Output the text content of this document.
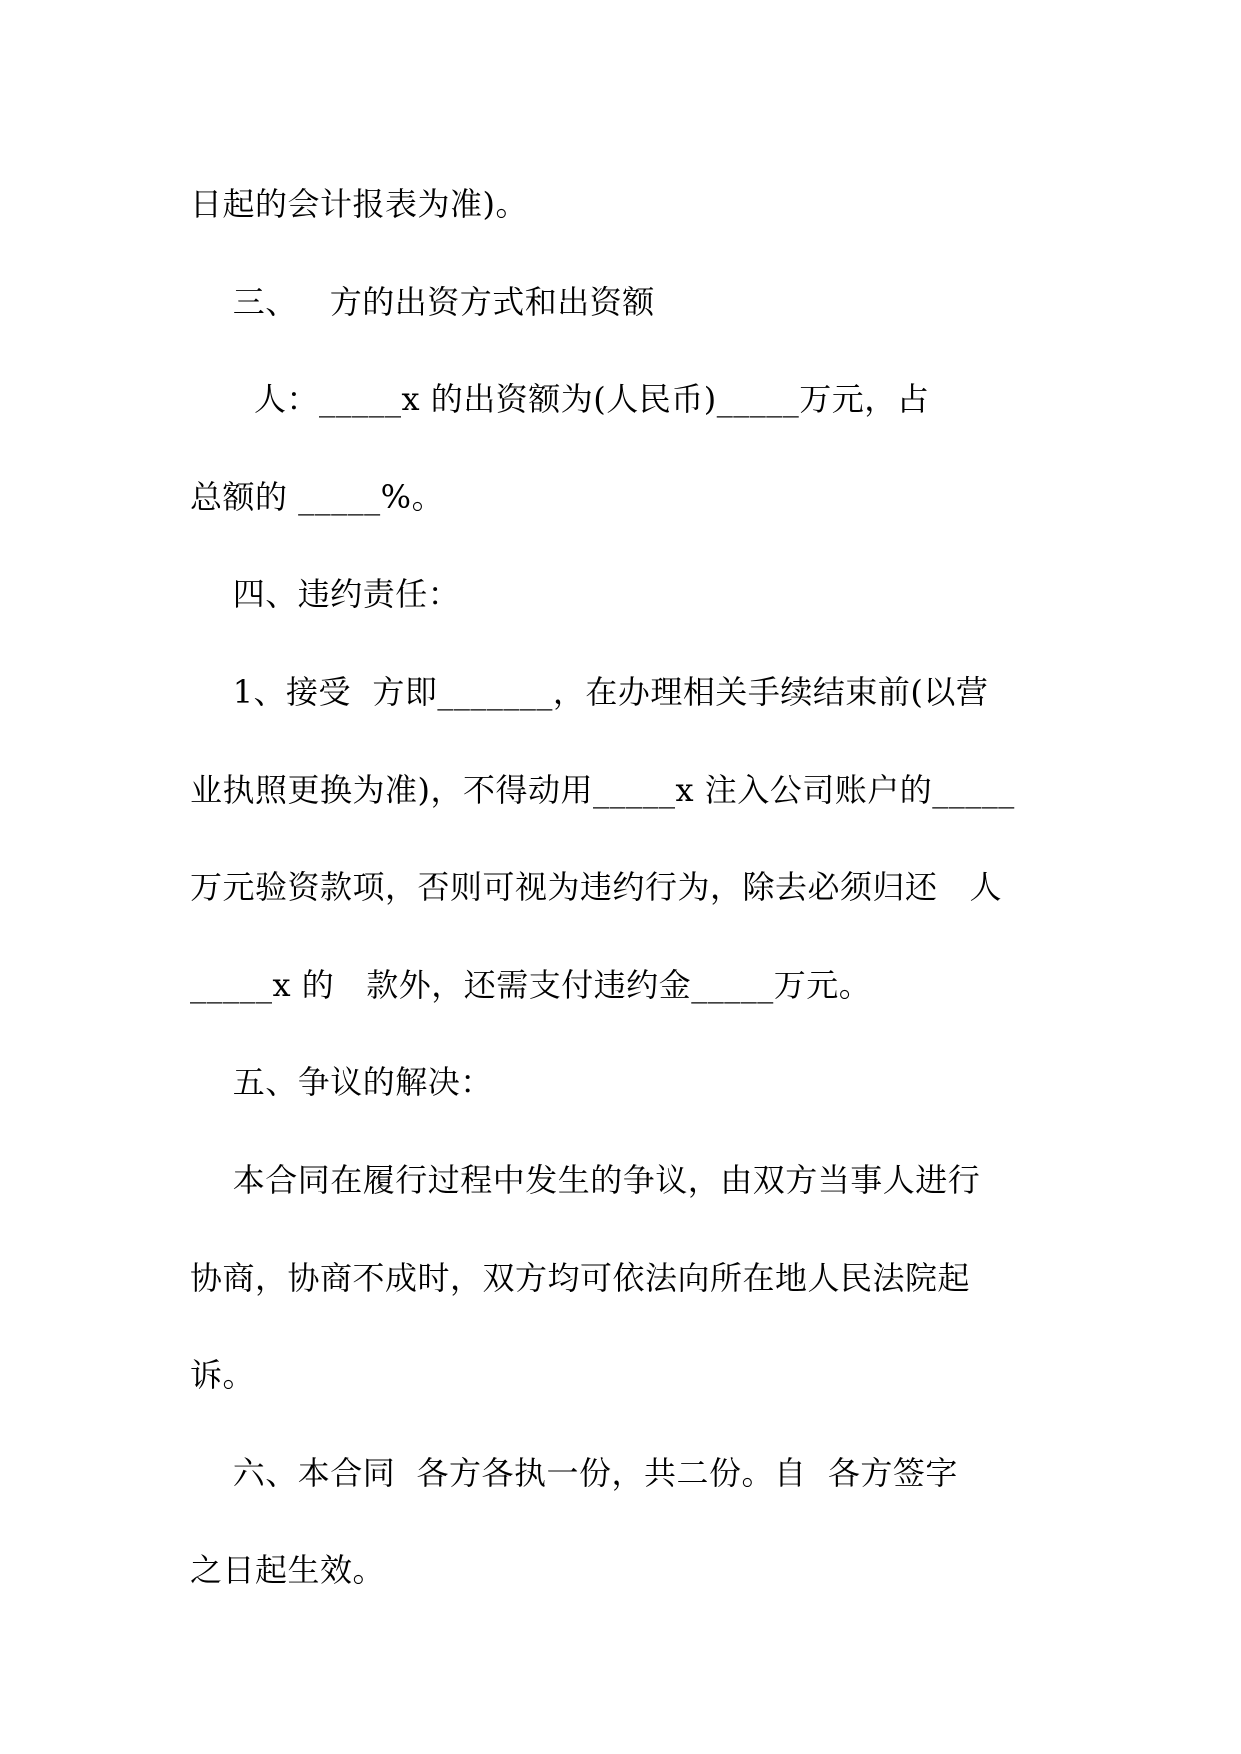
日起的会计报表为准)。
三、   方的出资方式和出资额
人：_____x 的出资额为(人民币)_____万元，占
总额的 _____%。
四、违约责任：
1、接受  方即_______，在办理相关手续结束前(以营
业执照更换为准)，不得动用_____x 注入公司账户的_____
万元验资款项，否则可视为违约行为，除去必须归还   人
_____x 的   款外，还需支付违约金_____万元。
五、争议的解决：
本合同在履行过程中发生的争议，由双方当事人进行
协商，协商不成时，双方均可依法向所在地人民法院起
诉。
六、本合同  各方各执一份，共二份。自  各方签字
之日起生效。
